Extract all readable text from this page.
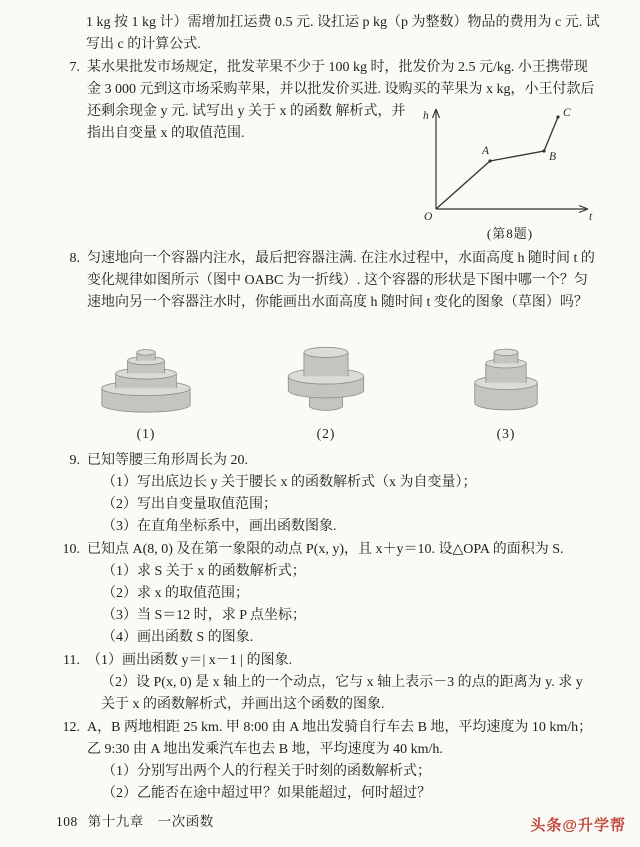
1 kg 按 1 kg 计）需增加扛运费 0.5 元. 设扛运 p kg（p 为整数）物品的费用为 c 元. 试写出 c 的计算公式.
7. 某水果批发市场规定，批发苹果不少于 100 kg 时，批发价为 2.5 元/kg. 小王携带现金 3 000 元到这市场采购苹果，并以批发价买进. 设购买的苹果为 x kg，小王付款后还剩余现金 y 元. 试写出 y 关于 x 的函数	h
t
O
A	B
C
(第8题)
解析式，并指出自变量 x 的取值范围.
8. 匀速地向一个容器内注水，最后把容器注满. 在注水过程中，水面高度 h 随时间 t 的变化规律如图所示（图中 OABC 为一折线）. 这个容器的形状是下图中哪一个？匀速地向另一个容器注水时，你能画出水面高度 h 随时间 t 变化的图象（草图）吗？
(1)	(2)	(3)
9. 已知等腰三角形周长为 20.
（1）写出底边长 y 关于腰长 x 的函数解析式（x 为自变量）；
（2）写出自变量取值范围；
（3）在直角坐标系中，画出函数图象.
10. 已知点 A(8, 0) 及在第一象限的动点 P(x, y)，且 x＋y＝10. 设△OPA 的面积为 S.
（1）求 S 关于 x 的函数解析式；
（2）求 x 的取值范围；
（3）当 S＝12 时，求 P 点坐标；
（4）画出函数 S 的图象.
11. （1）画出函数 y＝| x－1 | 的图象.
（2）设 P(x, 0) 是 x 轴上的一个动点，它与 x 轴上表示－3 的点的距离为 y. 求 y 关于 x 的函数解析式，并画出这个函数的图象.
12. A，B 两地相距 25 km. 甲 8:00 由 A 地出发骑自行车去 B 地，平均速度为 10 km/h；乙 9:30 由 A 地出发乘汽车也去 B 地，平均速度为 40 km/h.
（1）分别写出两个人的行程关于时刻的函数解析式；
（2）乙能否在途中超过甲？如果能超过，何时超过？
108 第十九章　一次函数	头条@升学帮
